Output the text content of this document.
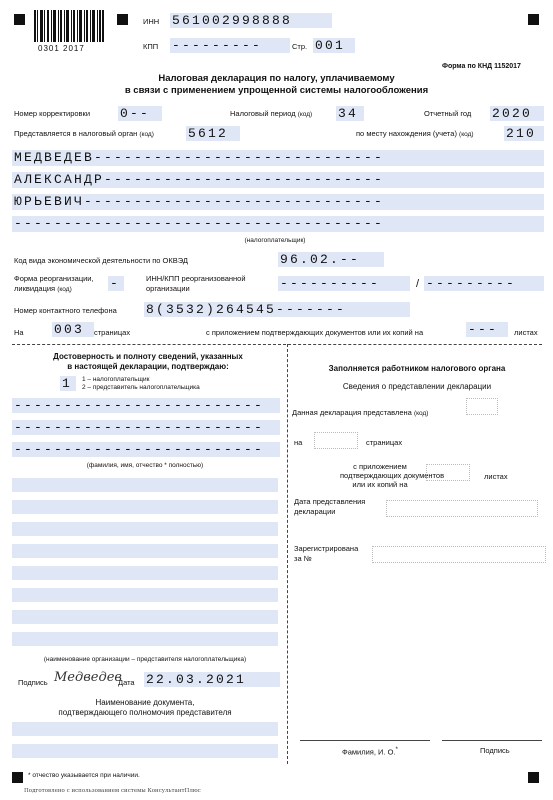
0301 2017
ИНН 561002998888
КПП ---------	Стр. 001
Форма по КНД 1152017
Налоговая декларация по налогу, уплачиваемому
в связи с применением упрощенной системы налогообложения
Номер корректировки 0--	Налоговый период (код) 34	Отчетный год 2020
Представляется в налоговый орган (код)	5612	по месту нахождения (учета) (код) 210
МЕДВЕДЕВ-----------------------------
АЛЕКСАНДР----------------------------
ЮРЬЕВИЧ------------------------------
-------------------------------------
(налогоплательщик)
Код вида экономической деятельности по ОКВЭД	96.02.--
Форма реорганизации,
ликвидация (код)	-	ИНН/КПП реорганизованной
организации	----------	/ ---------
Номер контактного телефона 8(3532)264545-------
На 003	страницах	с приложением подтверждающих документов или их копий на	---	листах
Достоверность и полноту сведений, указанных
в настоящей декларации, подтверждаю:
1	1 – налогоплательщик
2 – представитель налогоплательщика
-------------------------
-------------------------
-------------------------
(фамилия, имя, отчество * полностью)
(наименование организации – представителя налогоплательщика)
Подпись Медведев
Дата 22.03.2021
Наименование документа,
подтверждающего полномочия представителя
* отчество указывается при наличии.
Подготовлено с использованием системы КонсультантПлюс
Заполняется работником налогового органа
Сведения о представлении декларации
Данная декларация представлена (код)
на	страницах
с приложением
подтверждающих документов
или их копий на
листах
Дата представления
декларации
Зарегистрирована
за №
Фамилия, И. О.*	Подпись
